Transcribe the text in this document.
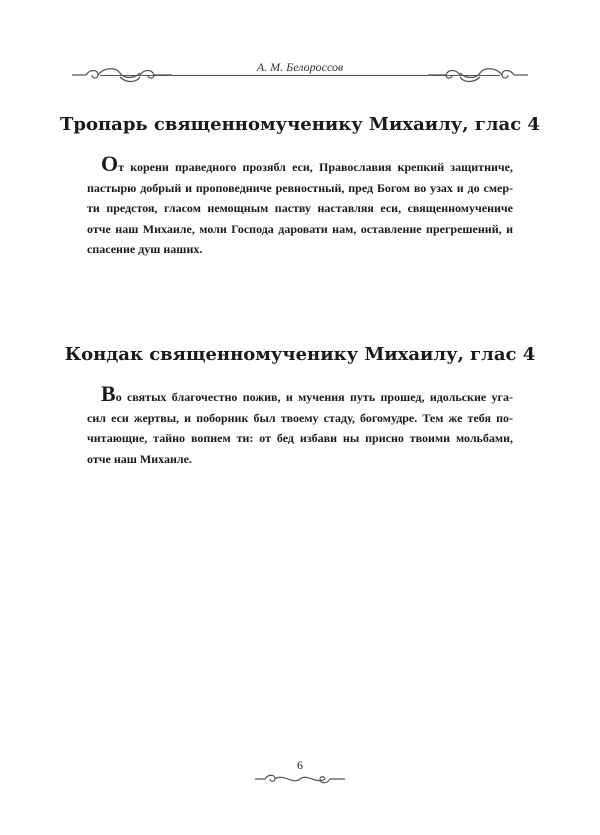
А. М. Белороссов
Тропарь священномученику Михаилу, глас 4
От корени праведного прозябл еси, Православия крепкий защитниче,
пастырю добрый и проповедниче ревностный, пред Богом во узах и до смер-
ти предстоя, гласом немощным паству наставляя еси, священномучениче
отче наш Михаиле, моли Господа даровати нам, оставление прегрешений, и
спасение душ наших.
Кондак священномученику Михаилу, глас 4
Во святых благочестно пожив, и мучения путь прошед, идольские уга-
сил еси жертвы, и поборник был твоему стаду, богомудре. Тем же тебя по-
читающие, тайно вопием ти: от бед избави ны присно твоими мольбами,
отче наш Михаиле.
6
